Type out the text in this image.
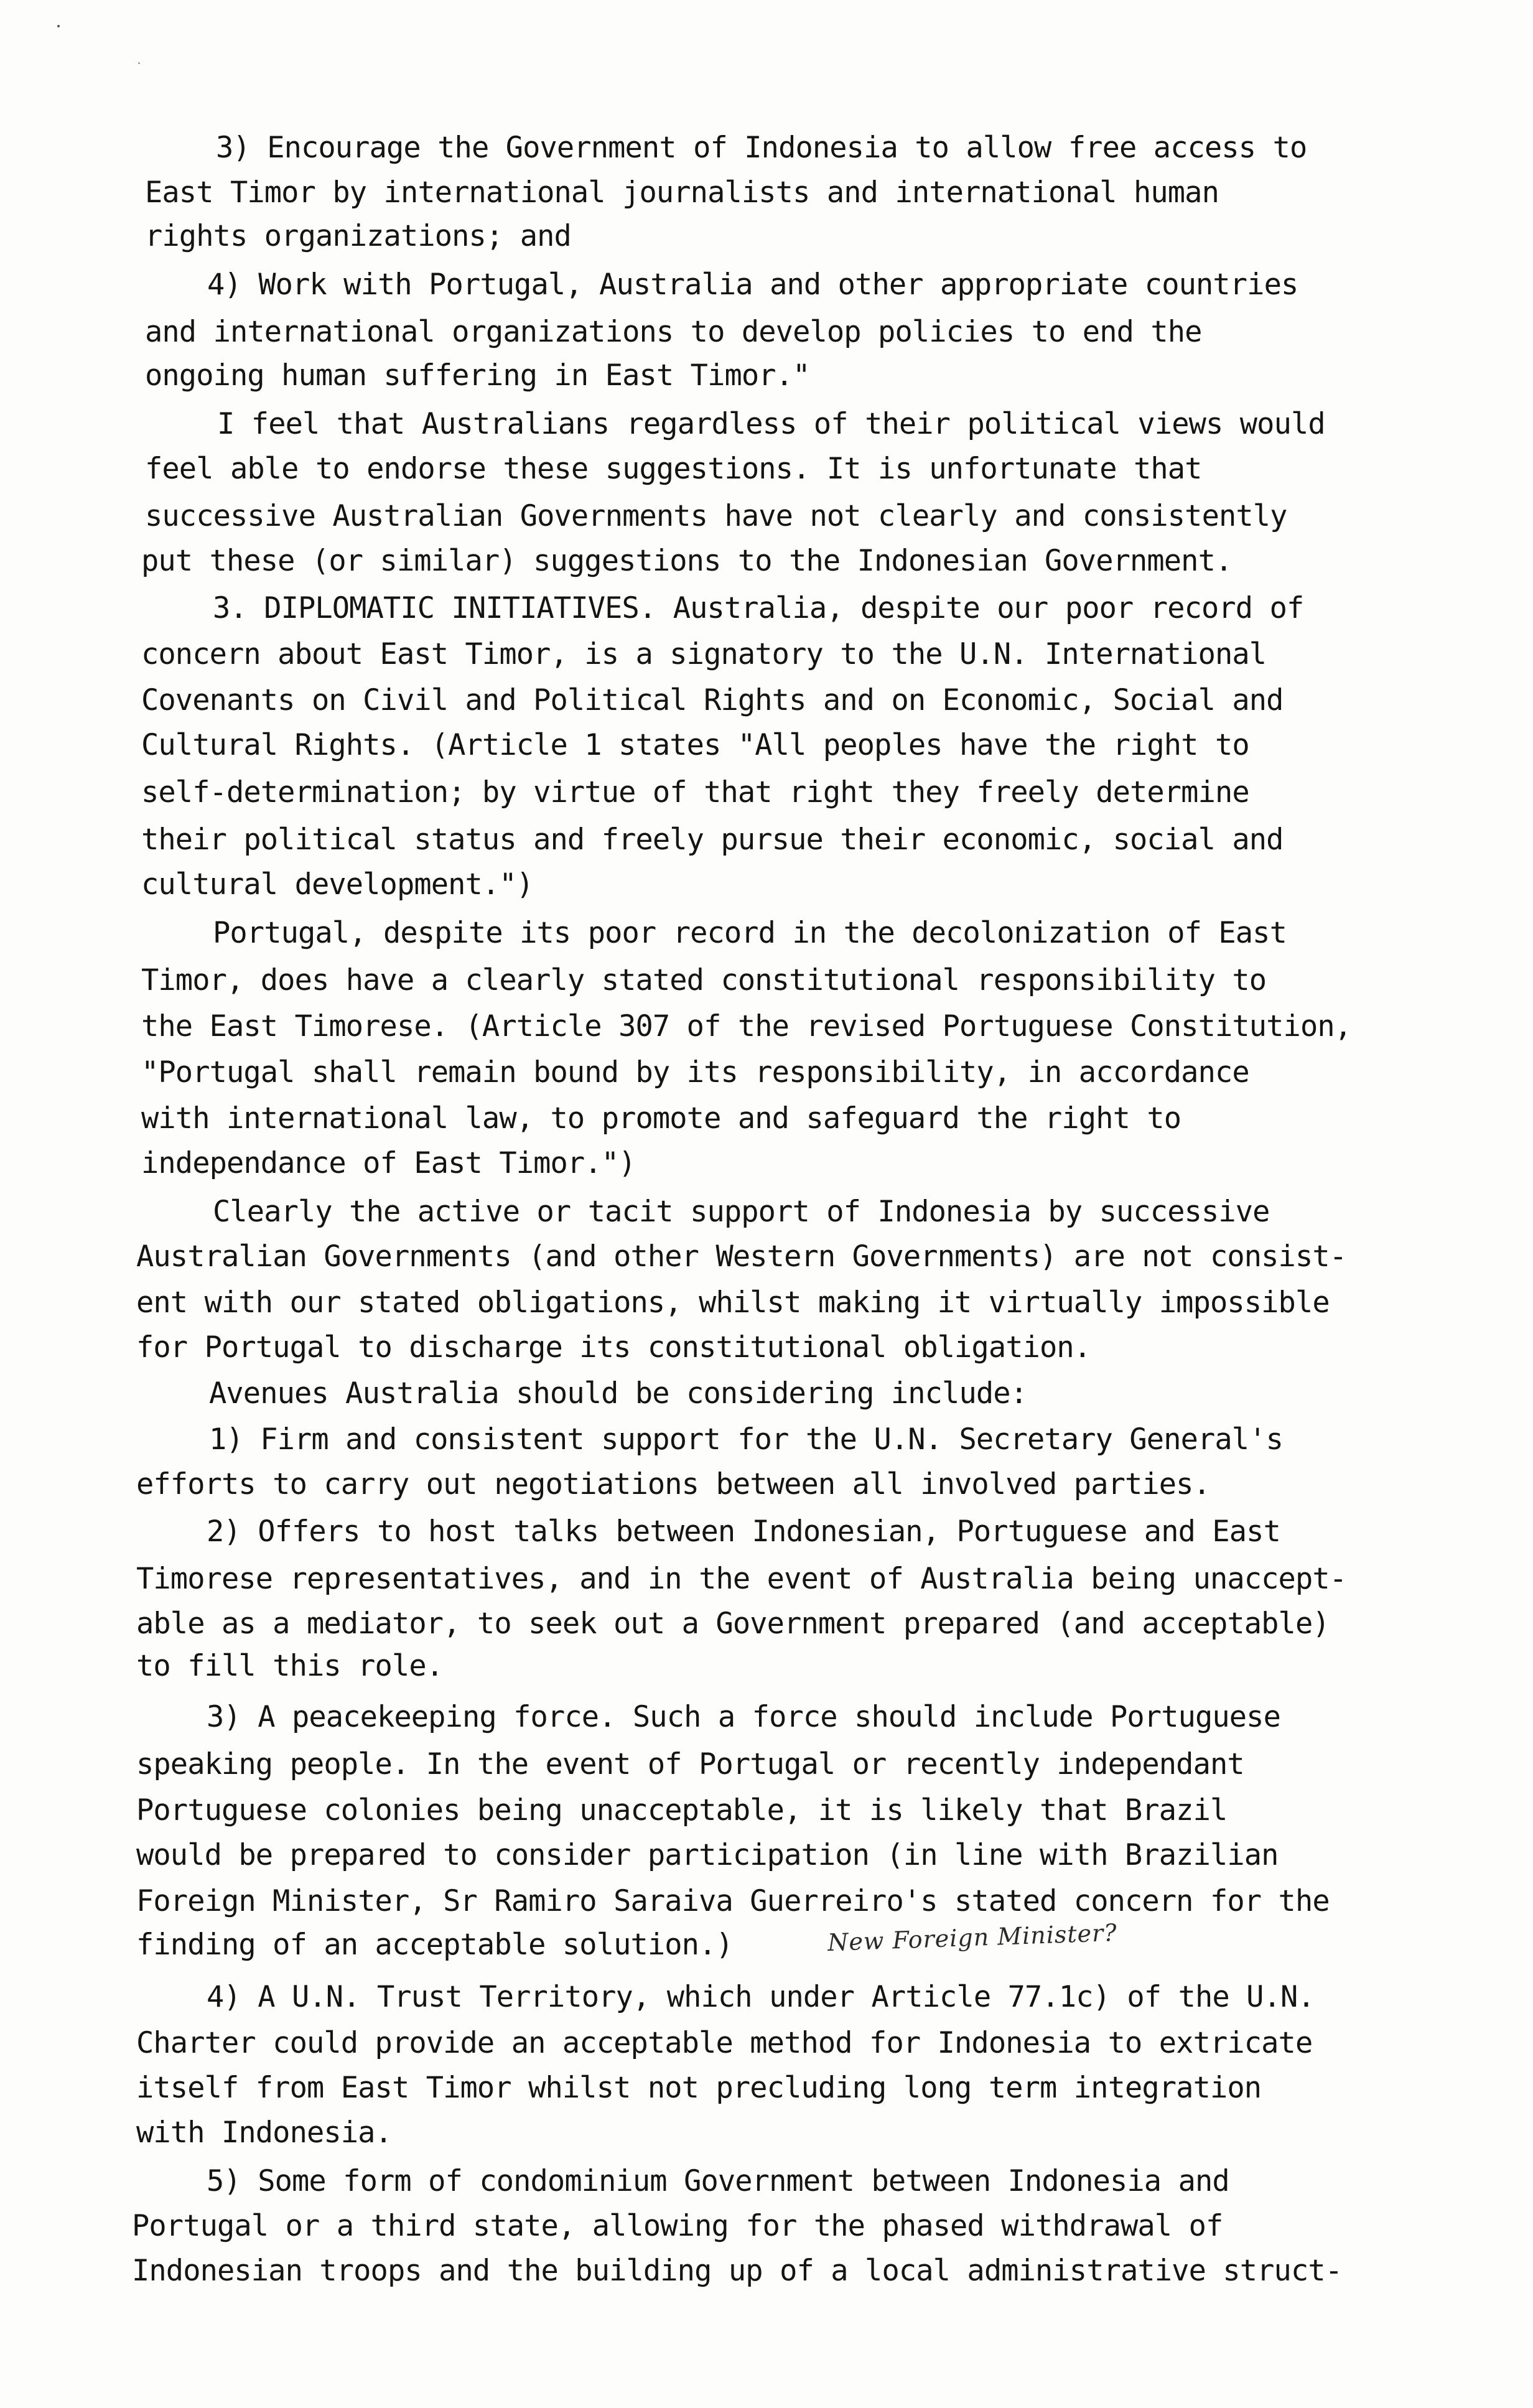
3) Encourage the Government of Indonesia to allow free access to
East Timor by international journalists and international human
rights organizations; and
4) Work with Portugal, Australia and other appropriate countries
and international organizations to develop policies to end the
ongoing human suffering in East Timor."
I feel that Australians regardless of their political views would
feel able to endorse these suggestions. It is unfortunate that
successive Australian Governments have not clearly and consistently
put these (or similar) suggestions to the Indonesian Government.
3. DIPLOMATIC INITIATIVES. Australia, despite our poor record of
concern about East Timor, is a signatory to the U.N. International
Covenants on Civil and Political Rights and on Economic, Social and
Cultural Rights. (Article 1 states "All peoples have the right to
self-determination; by virtue of that right they freely determine
their political status and freely pursue their economic, social and
cultural development.")
Portugal, despite its poor record in the decolonization of East
Timor, does have a clearly stated constitutional responsibility to
the East Timorese. (Article 307 of the revised Portuguese Constitution,
"Portugal shall remain bound by its responsibility, in accordance
with international law, to promote and safeguard the right to
independance of East Timor.")
Clearly the active or tacit support of Indonesia by successive
Australian Governments (and other Western Governments) are not consist-
ent with our stated obligations, whilst making it virtually impossible
for Portugal to discharge its constitutional obligation.
Avenues Australia should be considering include:
1) Firm and consistent support for the U.N. Secretary General's
efforts to carry out negotiations between all involved parties.
2) Offers to host talks between Indonesian, Portuguese and East
Timorese representatives, and in the event of Australia being unaccept-
able as a mediator, to seek out a Government prepared (and acceptable)
to fill this role.
3) A peacekeeping force. Such a force should include Portuguese
speaking people. In the event of Portugal or recently independant
Portuguese colonies being unacceptable, it is likely that Brazil
would be prepared to consider participation (in line with Brazilian
Foreign Minister, Sr Ramiro Saraiva Guerreiro's stated concern for the
finding of an acceptable solution.)	New Foreign Minister?
4) A U.N. Trust Territory, which under Article 77.1c) of the U.N.
Charter could provide an acceptable method for Indonesia to extricate
itself from East Timor whilst not precluding long term integration
with Indonesia.
5) Some form of condominium Government between Indonesia and
Portugal or a third state, allowing for the phased withdrawal of
Indonesian troops and the building up of a local administrative struct-
